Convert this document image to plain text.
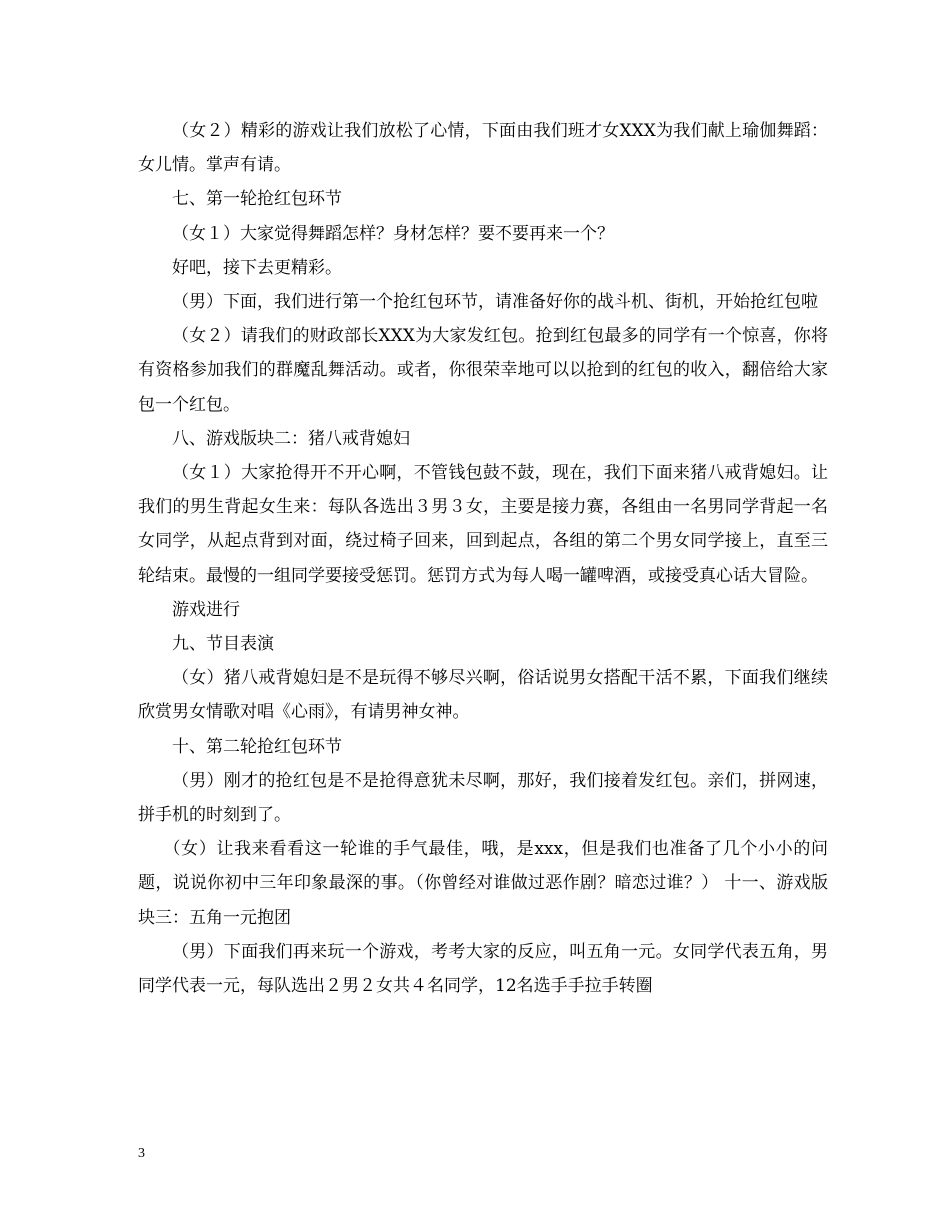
（女２）精彩的游戏让我们放松了心情，下面由我们班才女XXX为我们献上瑜伽舞蹈：女儿情。掌声有请。

七、第一轮抢红包环节

（女１）大家觉得舞蹈怎样？身材怎样？要不要再来一个？

好吧，接下去更精彩。

（男）下面，我们进行第一个抢红包环节，请准备好你的战斗机、街机，开始抢红包啦

（女２）请我们的财政部长XXX为大家发红包。抢到红包最多的同学有一个惊喜，你将有资格参加我们的群魔乱舞活动。或者，你很荣幸地可以以抢到的红包的收入，翻倍给大家包一个红包。

八、游戏版块二：猪八戒背媳妇

（女１）大家抢得开不开心啊，不管钱包鼓不鼓，现在，我们下面来猪八戒背媳妇。让我们的男生背起女生来：每队各选出３男３女，主要是接力赛，各组由一名男同学背起一名女同学，从起点背到对面，绕过椅子回来，回到起点，各组的第二个男女同学接上，直至三轮结束。最慢的一组同学要接受惩罚。惩罚方式为每人喝一罐啤酒，或接受真心话大冒险。

游戏进行

九、节目表演

（女）猪八戒背媳妇是不是玩得不够尽兴啊，俗话说男女搭配干活不累，下面我们继续欣赏男女情歌对唱《心雨》，有请男神女神。

十、第二轮抢红包环节

（男）刚才的抢红包是不是抢得意犹未尽啊，那好，我们接着发红包。亲们，拼网速，拼手机的时刻到了。

（女）让我来看看这一轮谁的手气最佳，哦，是xxx，但是我们也准备了几个小小的问题，说说你初中三年印象最深的事。（你曾经对谁做过恶作剧？暗恋过谁？） 十一、游戏版块三：五角一元抱团

（男）下面我们再来玩一个游戏，考考大家的反应，叫五角一元。女同学代表五角，男同学代表一元，每队选出２男２女共４名同学，12名选手手拉手转圈

3
